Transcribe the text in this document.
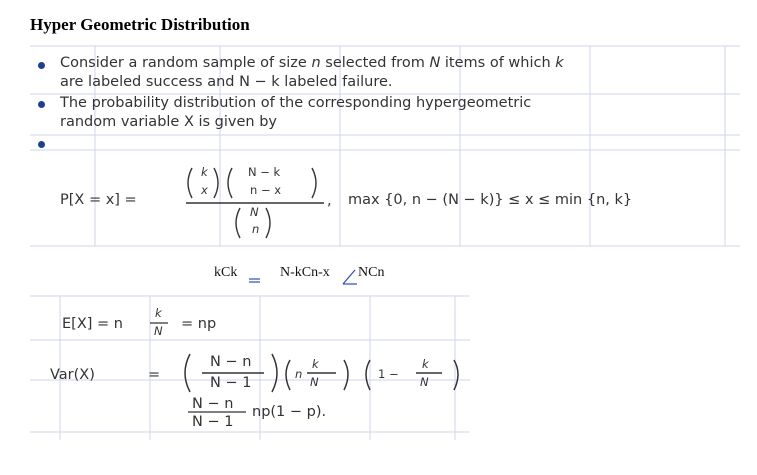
Hyper Geometric Distribution
Consider a random sample of size n selected from N items of which k
are labeled success and N − k labeled failure.
The probability distribution of the corresponding hypergeometric
random variable X is given by
P[X = x] =
k
x
N − k
n − x
N
n
, max {0, n − (N − k)} ≤ x ≤ min {n, k}
kCk	N-kCn-x NCn
E[X] = n
k
N = np
Var(X)	=
N − n
N − 1
n
k
N
1 −
k
N
N − n
N − 1
np(1 − p).
